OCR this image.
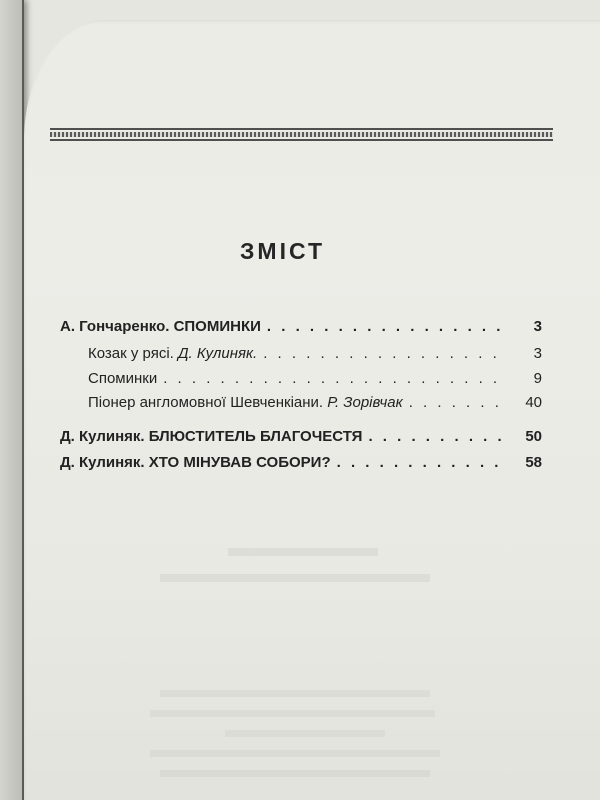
ЗМІСТ
А. Гончаренко. СПОМИНКИ . . .	3
Козак у рясі. Д. Кулиняк. . . .	3
Споминки . . .	9
Піонер англомовної Шевченкіани. Р. Зорівчак . . .	40
Д. Кулиняк. БЛЮСТИТЕЛЬ БЛАГОЧЕСТЯ . . .	50
Д. Кулиняк. ХТО МІНУВАВ СОБОРИ? . . .	58
